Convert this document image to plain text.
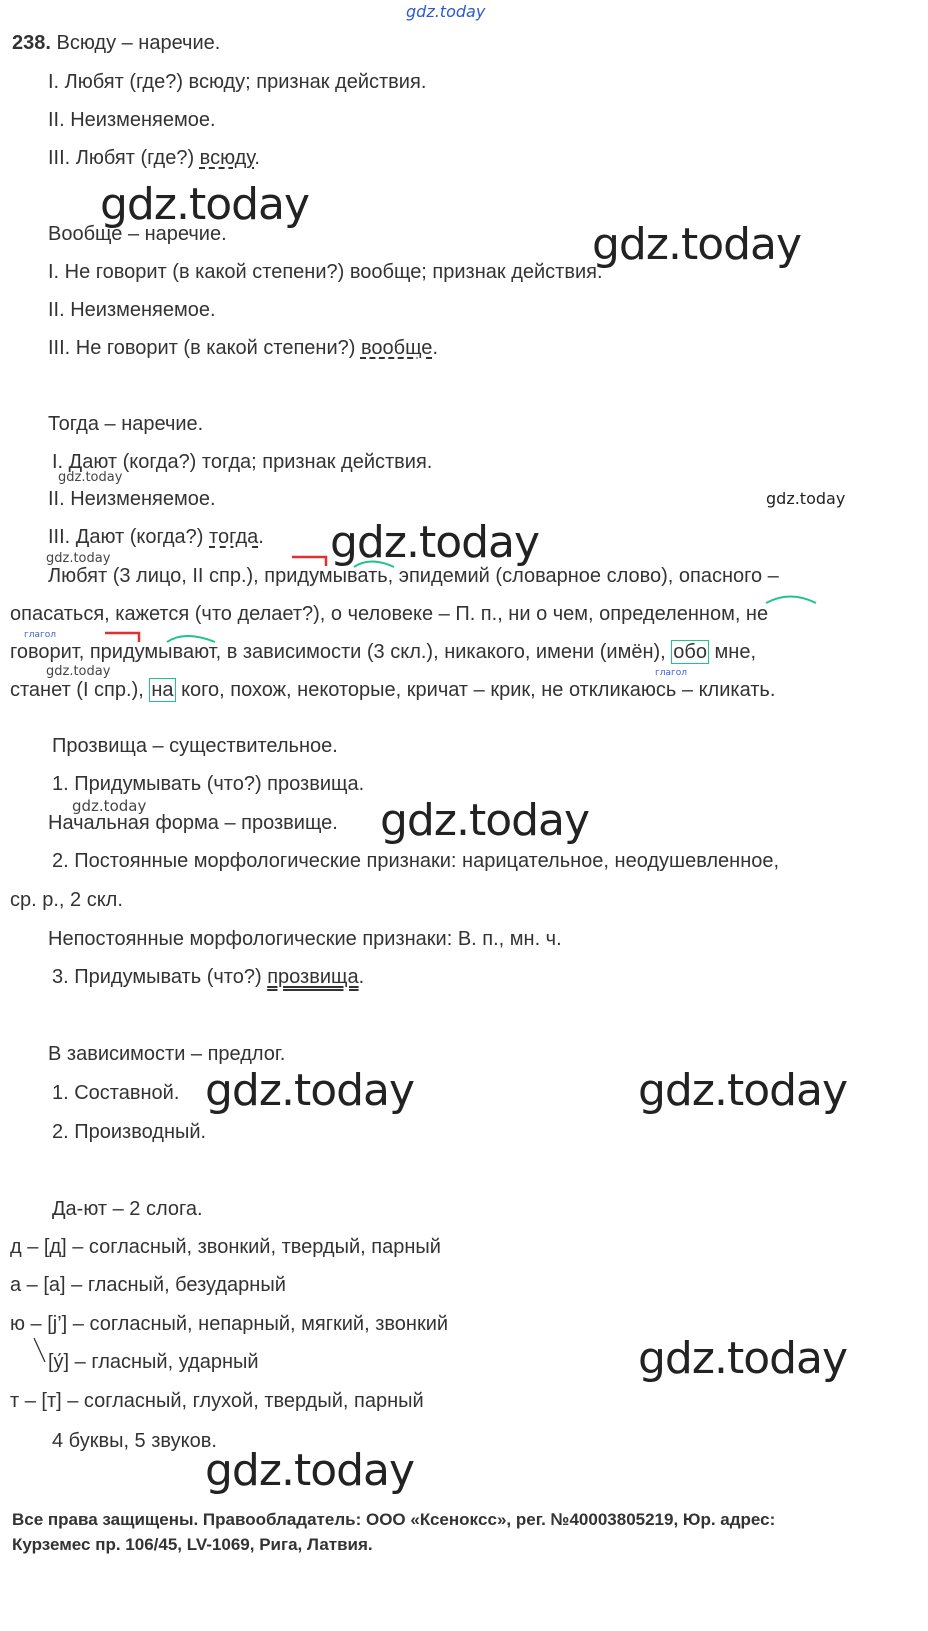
gdz.today
238. Всюду – наречие.
I. Любят (где?) всюду; признак действия.
II. Неизменяемое.
III. Любят (где?) всюду.
gdz.today
Вообще – наречие.	gdz.today
I. Не говорит (в какой степени?) вообще; признак действия.
II. Неизменяемое.
III. Не говорит (в какой степени?) вообще.
Тогда – наречие.
I. Дают (когда?) тогда; признак действия.
gdz.today
II. Неизменяемое.	gdz.today
III. Дают (когда?) тогда. gdz.today
gdz.today
Любят (3 лицо, II спр.), придумывать, эпидемий (словарное слово), опасного –
опасаться, кажется (что делает?), о человеке – П. п., ни о чем, определенном, не
глагол
говорит, придумывают, в зависимости (3 скл.), никакого, имени (имён), обо мне,
gdz.today	глагол
станет (I спр.), на кого, похож, некоторые, кричат – крик, не откликаюсь – кликать.
Прозвища – существительное.
1. Придумывать (что?) прозвища.
gdz.today
Начальная форма – прозвище. gdz.today
2. Постоянные морфологические признаки: нарицательное, неодушевленное,
ср. р., 2 скл.
Непостоянные морфологические признаки: В. п., мн. ч.
3. Придумывать (что?) прозвища.
В зависимости – предлог.
1. Составной. gdz.today	gdz.today
2. Производный.
Да-ют – 2 слога.
д – [д] – согласный, звонкий, твердый, парный
а – [а] – гласный, безударный
ю – [j’] – согласный, непарный, мягкий, звонкий
[у́] – гласный, ударный	gdz.today
т – [т] – согласный, глухой, твердый, парный
4 буквы, 5 звуков.
gdz.today
Все права защищены. Правообладатель: ООО «Ксенокcс», рег. №40003805219, Юр. адрес:
Курземес пр. 106/45, LV-1069, Рига, Латвия.
